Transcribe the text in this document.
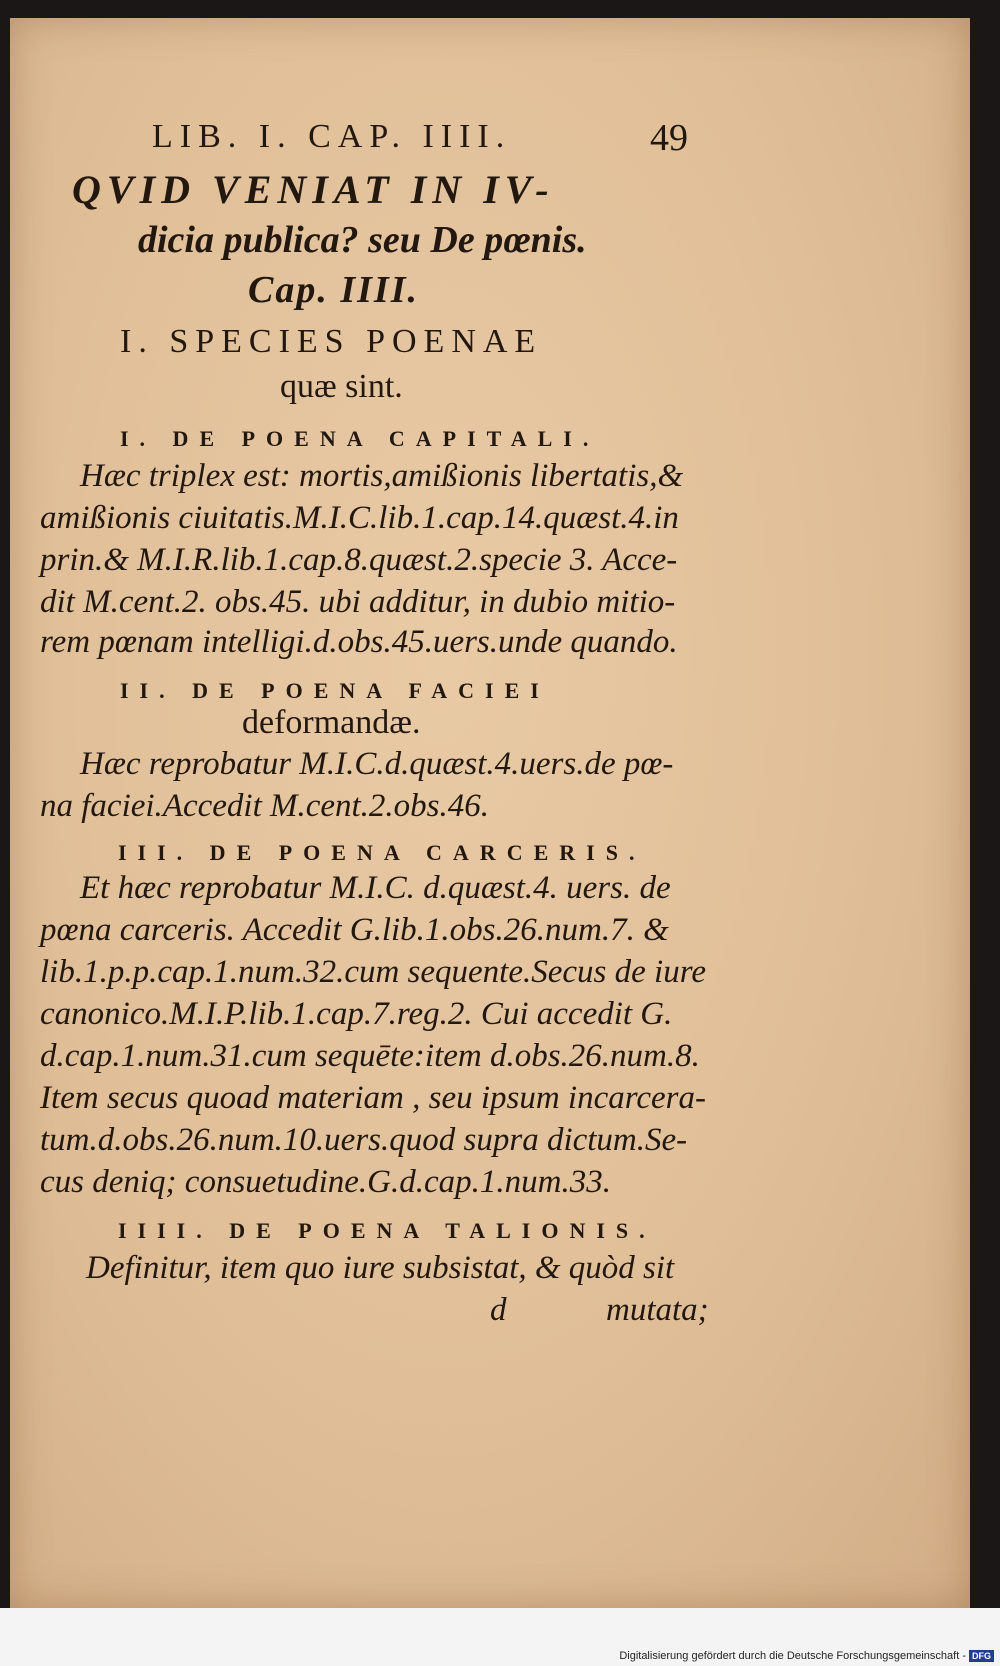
LIB. I. CAP. IIII.	49
QVID VENIAT IN IV-
dicia publica? seu De pœnis.
Cap. IIII.
I. SPECIES POENAE
quæ sint.
I. DE POENA CAPITALI.
Hæc triplex est: mortis,amißionis libertatis,&
amißionis ciuitatis.M.I.C.lib.1.cap.14.quæst.4.in
prin.& M.I.R.lib.1.cap.8.quæst.2.specie 3. Acce-
dit M.cent.2. obs.45. ubi additur, in dubio mitio-
rem pœnam intelligi.d.obs.45.uers.unde quando.
II. DE POENA FACIEI
deformandæ.
Hæc reprobatur M.I.C.d.quæst.4.uers.de pœ-
na faciei.Accedit M.cent.2.obs.46.
III. DE POENA CARCERIS.
Et hæc reprobatur M.I.C. d.quæst.4. uers. de
pœna carceris. Accedit G.lib.1.obs.26.num.7. &
lib.1.p.p.cap.1.num.32.cum sequente.Secus de iure
canonico.M.I.P.lib.1.cap.7.reg.2. Cui accedit G.
d.cap.1.num.31.cum sequēte:item d.obs.26.num.8.
Item secus quoad materiam , seu ipsum incarcera-
tum.d.obs.26.num.10.uers.quod supra dictum.Se-
cus deniq; consuetudine.G.d.cap.1.num.33.
IIII. DE POENA TALIONIS.
Definitur, item quo iure subsistat, & quòd sit
d	mutata;
Digitalisierung gefördert durch die Deutsche Forschungsgemeinschaft - DFG
